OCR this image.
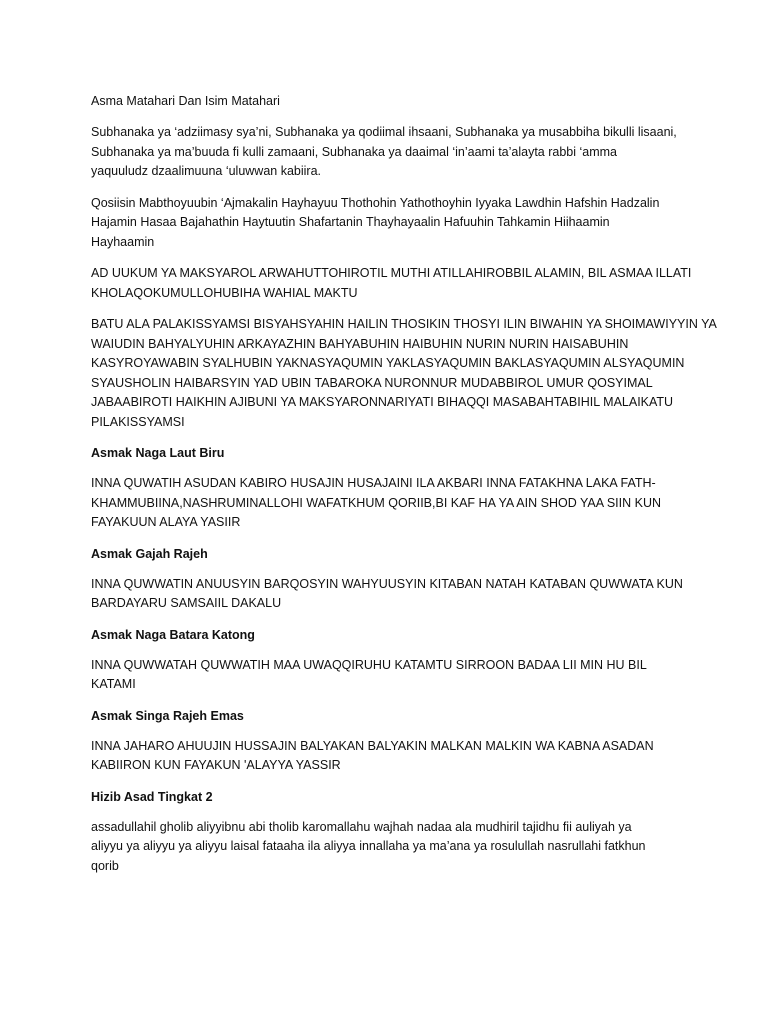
Asma Matahari Dan Isim Matahari
Subhanaka ya ‘adziimasy sya’ni, Subhanaka ya qodiimal ihsaani, Subhanaka ya musabbiha bikulli lisaani,
Subhanaka ya ma’buuda fi kulli zamaani, Subhanaka ya daaimal ‘in’aami ta’alayta rabbi ‘amma
yaquuludz dzaalimuuna ‘uluwwan kabiira.
Qosiisin Mabthoyuubin ‘Ajmakalin Hayhayuu Thothohin Yathothoyhin Iyyaka Lawdhin Hafshin Hadzalin
Hajamin Hasaa Bajahathin Haytuutin Shafartanin Thayhayaalin Hafuuhin Tahkamin Hiihaamin
Hayhaamin
AD UUKUM YA MAKSYAROL ARWAHUTTOHIROTIL MUTHI ATILLAHIROBBIL ALAMIN, BIL ASMAA ILLATI
KHOLAQOKUMULLOHUBIHA WAHIAL MAKTU
BATU ALA PALAKISSYAMSI BISYAHSYAHIN HAILIN THOSIKIN THOSYI ILIN BIWAHIN YA SHOIMAWIYYIN YA
WAIUDIN BAHYALYUHIN ARKAYAZHIN BAHYABUHIN HAIBUHIN NURIN NURIN HAISABUHIN
KASYROYAWABIN SYALHUBIN YAKNASYAQUMIN YAKLASYAQUMIN BAKLASYAQUMIN ALSYAQUMIN
SYAUSHOLIN HAIBARSYIN YAD UBIN TABAROKA NURONNUR MUDABBIROL UMUR QOSYIMAL
JABAABIROTI HAIKHIN AJIBUNI YA MAKSYARONNARIYATI BIHAQQI MASABAHTABIHIL MALAIKATU
PILAKISSYAMSI
Asmak Naga Laut Biru
INNA QUWATIH ASUDAN KABIRO HUSAJIN HUSAJAINI ILA AKBARI INNA FATAKHNA LAKA FATH-
KHAMMUBIINA,NASHRUMINALLOHI WAFATKHUM QORIIB,BI KAF HA YA AIN SHOD YAA SIIN KUN
FAYAKUUN ALAYA YASIIR
Asmak Gajah Rajeh
INNA QUWWATIN ANUUSYIN BARQOSYIN WAHYUUSYIN KITABAN NATAH KATABAN QUWWATA KUN
BARDAYARU SAMSAIIL DAKALU
Asmak Naga Batara Katong
INNA QUWWATAH QUWWATIH MAA UWAQQIRUHU KATAMTU SIRROON BADAA LII MIN HU BIL
KATAMI
Asmak Singa Rajeh Emas
INNA JAHARO AHUUJIN HUSSAJIN BALYAKAN BALYAKIN MALKAN MALKIN WA KABNA ASADAN
KABIIRON KUN FAYAKUN 'ALAYYA YASSIR
Hizib Asad Tingkat 2
assadullahil gholib aliyyibnu abi tholib karomallahu wajhah nadaa ala mudhiril tajidhu fii auliyah ya
aliyyu ya aliyyu ya aliyyu laisal fataaha ila aliyya innallaha ya ma’ana ya rosulullah nasrullahi fatkhun
qorib
